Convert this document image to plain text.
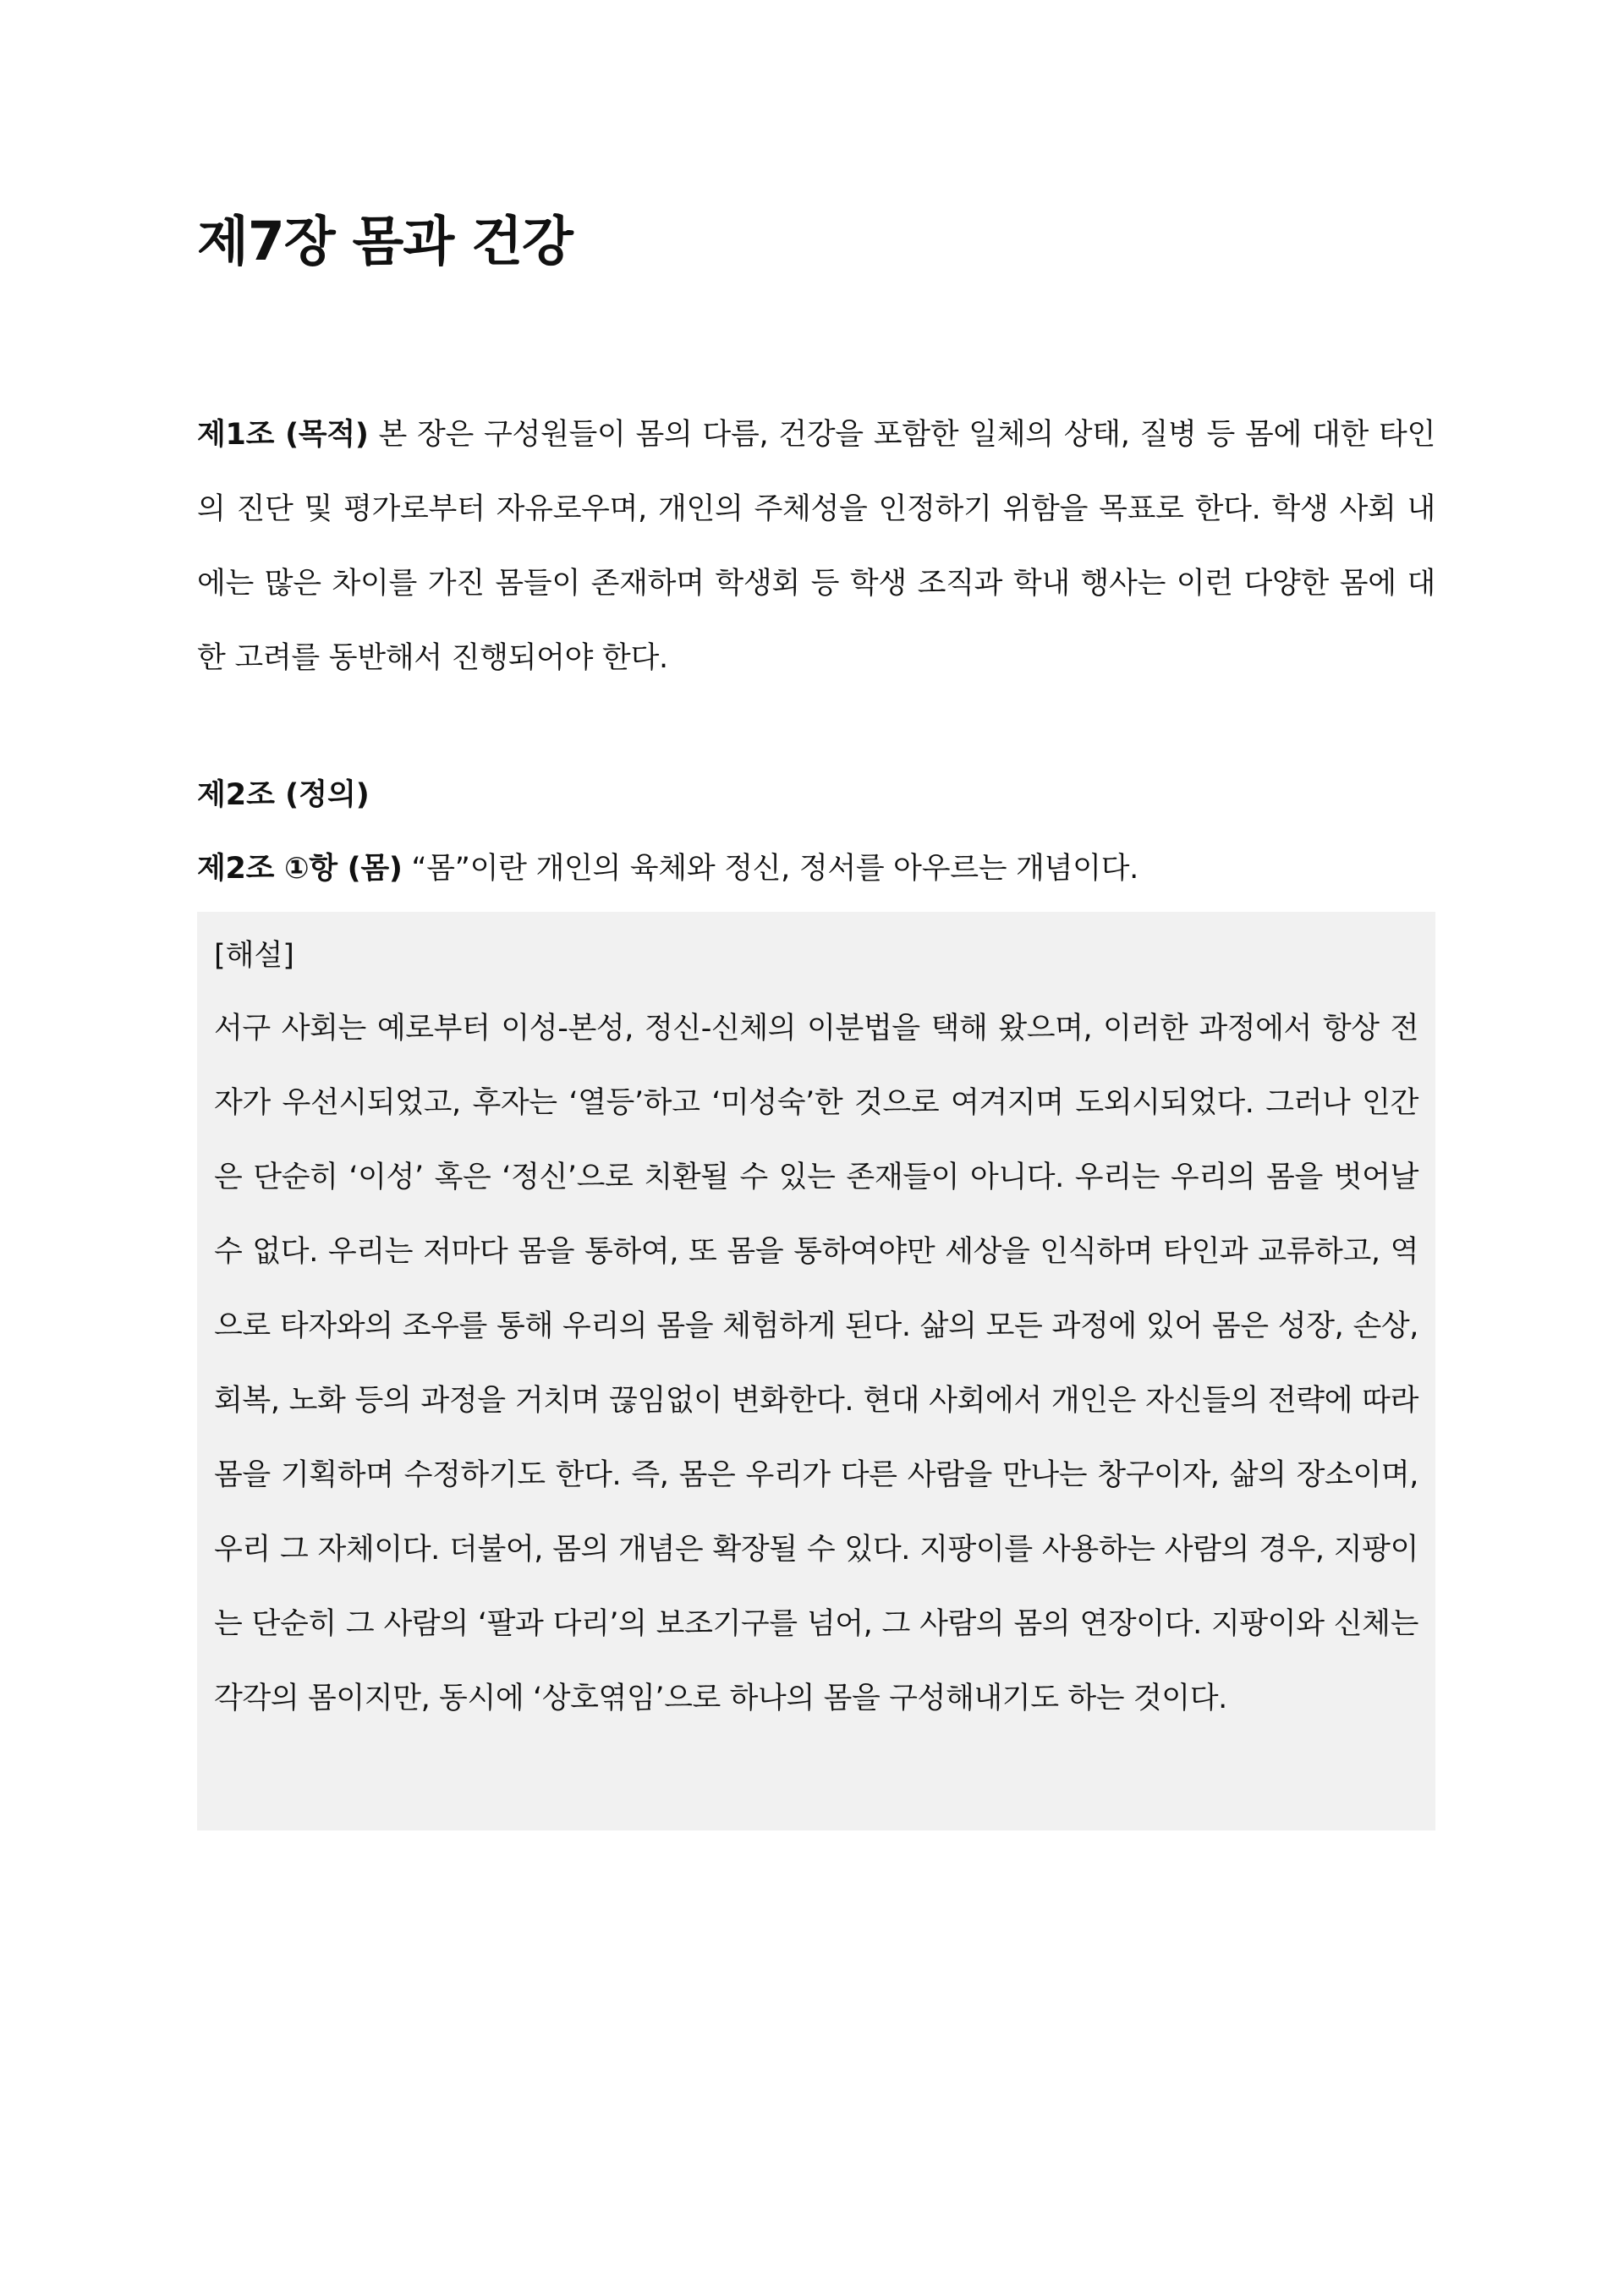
제7장 몸과 건강

제1조 (목적) 본 장은 구성원들이 몸의 다름, 건강을 포함한 일체의 상태, 질병 등 몸에 대한 타인의 진단 및 평가로부터 자유로우며, 개인의 주체성을 인정하기 위함을 목표로 한다. 학생 사회 내에는 많은 차이를 가진 몸들이 존재하며 학생회 등 학생 조직과 학내 행사는 이런 다양한 몸에 대한 고려를 동반해서 진행되어야 한다.

제2조 (정의)

제2조 ①항 (몸) “몸”이란 개인의 육체와 정신, 정서를 아우르는 개념이다.

[해설]

서구 사회는 예로부터 이성-본성, 정신-신체의 이분법을 택해 왔으며, 이러한 과정에서 항상 전자가 우선시되었고, 후자는 ‘열등’하고 ‘미성숙’한 것으로 여겨지며 도외시되었다. 그러나 인간은 단순히 ‘이성’ 혹은 ‘정신’으로 치환될 수 있는 존재들이 아니다. 우리는 우리의 몸을 벗어날 수 없다. 우리는 저마다 몸을 통하여, 또 몸을 통하여야만 세상을 인식하며 타인과 교류하고, 역으로 타자와의 조우를 통해 우리의 몸을 체험하게 된다. 삶의 모든 과정에 있어 몸은 성장, 손상, 회복, 노화 등의 과정을 거치며 끊임없이 변화한다. 현대 사회에서 개인은 자신들의 전략에 따라 몸을 기획하며 수정하기도 한다. 즉, 몸은 우리가 다른 사람을 만나는 창구이자, 삶의 장소이며, 우리 그 자체이다. 더불어, 몸의 개념은 확장될 수 있다. 지팡이를 사용하는 사람의 경우, 지팡이는 단순히 그 사람의 ‘팔과 다리’의 보조기구를 넘어, 그 사람의 몸의 연장이다. 지팡이와 신체는 각각의 몸이지만, 동시에 ‘상호엮임’으로 하나의 몸을 구성해내기도 하는 것이다.
